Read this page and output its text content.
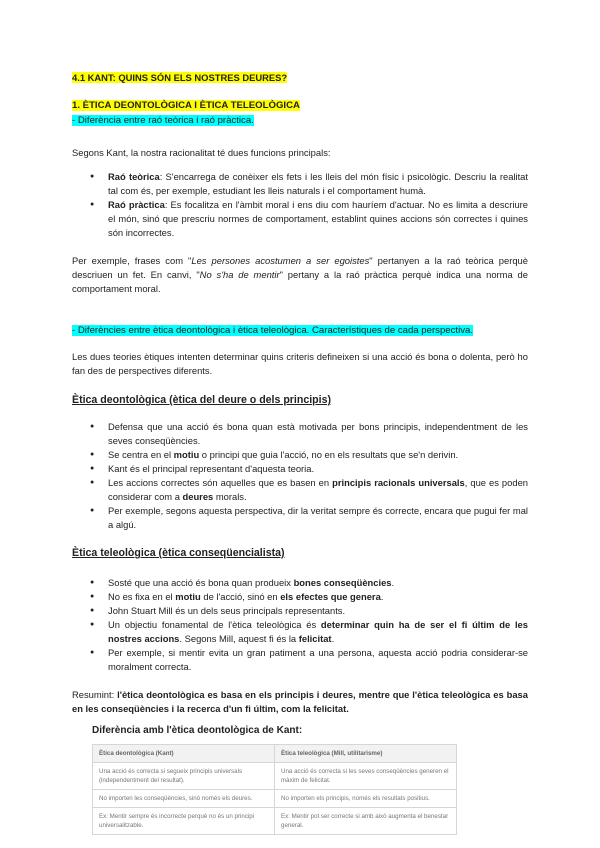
4.1 KANT: QUINS SÓN ELS NOSTRES DEURES?
1. ÈTICA DEONTOLÒGICA I ÈTICA TELEOLÒGICA
- Diferència entre raó teòrica i raó pràctica.

Segons Kant, la nostra racionalitat té dues funcions principals:

● Raó teòrica: S'encarrega de conèixer els fets i les lleis del món físic i psicològic. Descriu la realitat tal com és, per exemple, estudiant les lleis naturals i el comportament humà.
● Raó pràctica: Es focalitza en l'àmbit moral i ens diu com hauríem d'actuar. No es limita a descriure el món, sinó que prescriu normes de comportament, establint quines accions són correctes i quines són incorrectes.

Per exemple, frases com "Les persones acostumen a ser egoistes" pertanyen a la raó teòrica perquè descriuen un fet. En canvi, "No s'ha de mentir" pertany a la raó pràctica perquè indica una norma de comportament moral.

- Diferències entre ètica deontològica i ètica teleològica. Característiques de cada perspectiva.

Les dues teories ètiques intenten determinar quins criteris defineixen si una acció és bona o dolenta, però ho fan des de perspectives diferents.

Ètica deontològica (ètica del deure o dels principis)
● Defensa que una acció és bona quan està motivada per bons principis, independentment de les seves conseqüències.
● Se centra en el motiu o principi que guia l'acció, no en els resultats que se'n derivin.
● Kant és el principal representant d'aquesta teoria.
● Les accions correctes són aquelles que es basen en principis racionals universals, que es poden considerar com a deures morals.
● Per exemple, segons aquesta perspectiva, dir la veritat sempre és correcte, encara que pugui fer mal a algú.
Ètica teleològica (ètica conseqüencialista)
● Sosté que una acció és bona quan produeix bones conseqüències.
● No es fixa en el motiu de l'acció, sinó en els efectes que genera.
● John Stuart Mill és un dels seus principals representants.
● Un objectiu fonamental de l'ètica teleològica és determinar quin ha de ser el fi últim de les nostres accions. Segons Mill, aquest fi és la felicitat.
● Per exemple, si mentir evita un gran patiment a una persona, aquesta acció podria considerar-se moralment correcta.

Resumint: l'ètica deontològica es basa en els principis i deures, mentre que l'ètica teleològica es basa en les conseqüències i la recerca d'un fi últim, com la felicitat.

Diferència amb l'ètica deontològica de Kant:
Ètica deontològica (Kant)	Ètica teleològica (Mill, utilitarisme)
Una acció és correcta si segueix principis universals (independentment del resultat).	Una acció és correcta si les seves conseqüències generen el màxim de felicitat.
No importen les conseqüències, sinó només els deures.	No importen els principis, només els resultats positius.
Ex: Mentir sempre és incorrecte perquè no és un principi universalitzable.	Ex: Mentir pot ser correcte si amb això augmenta el benestar general.
